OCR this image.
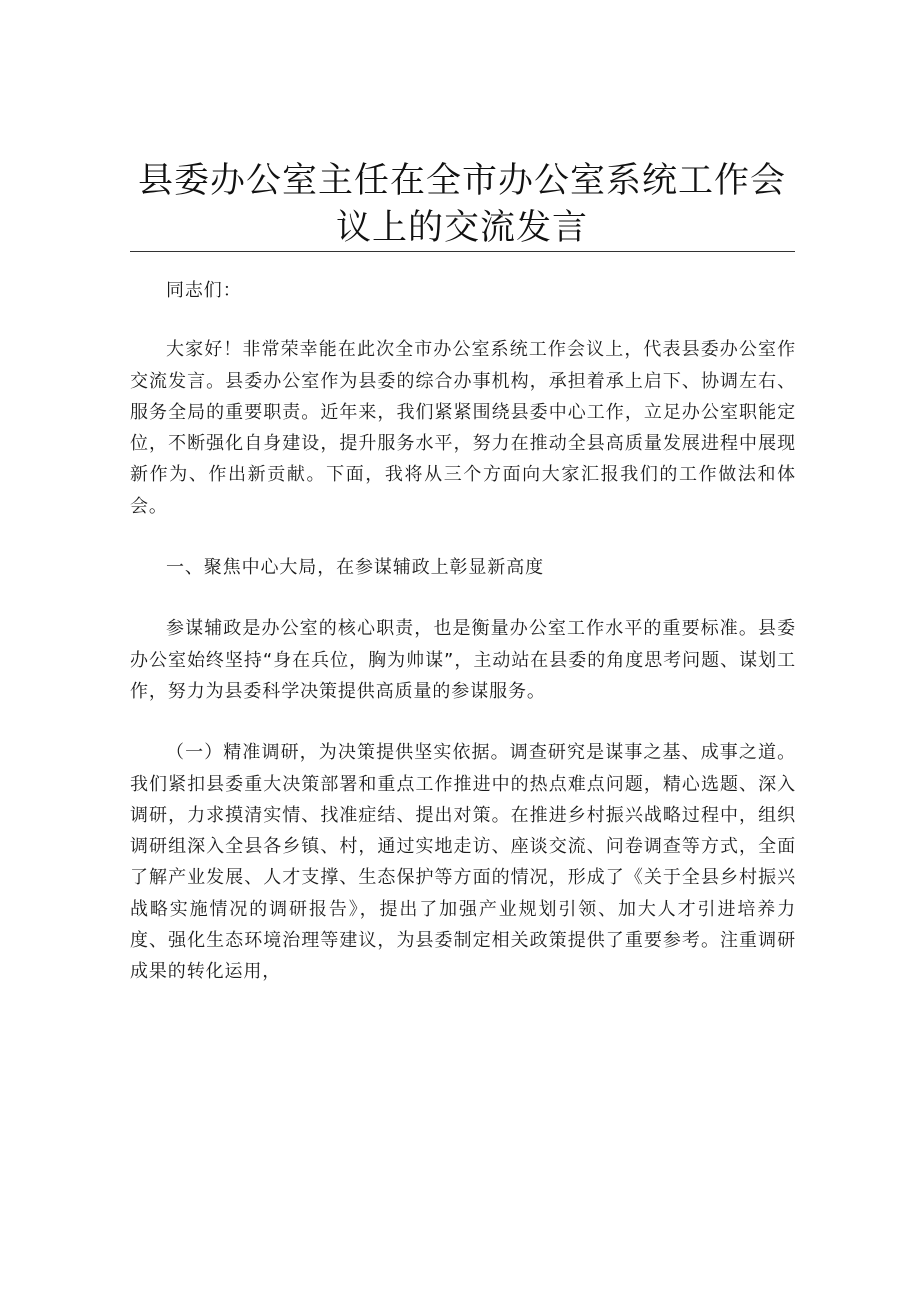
县委办公室主任在全市办公室系统工作会议上的交流发言

同志们：

大家好！非常荣幸能在此次全市办公室系统工作会议上，代表县委办公室作交流发言。县委办公室作为县委的综合办事机构，承担着承上启下、协调左右、服务全局的重要职责。近年来，我们紧紧围绕县委中心工作，立足办公室职能定位，不断强化自身建设，提升服务水平，努力在推动全县高质量发展进程中展现新作为、作出新贡献。下面，我将从三个方面向大家汇报我们的工作做法和体会。

一、聚焦中心大局，在参谋辅政上彰显新高度

参谋辅政是办公室的核心职责，也是衡量办公室工作水平的重要标准。县委办公室始终坚持“身在兵位，胸为帅谋”，主动站在县委的角度思考问题、谋划工作，努力为县委科学决策提供高质量的参谋服务。

（一）精准调研，为决策提供坚实依据。调查研究是谋事之基、成事之道。我们紧扣县委重大决策部署和重点工作推进中的热点难点问题，精心选题、深入调研，力求摸清实情、找准症结、提出对策。在推进乡村振兴战略过程中，组织调研组深入全县各乡镇、村，通过实地走访、座谈交流、问卷调查等方式，全面了解产业发展、人才支撑、生态保护等方面的情况，形成了《关于全县乡村振兴战略实施情况的调研报告》，提出了加强产业规划引领、加大人才引进培养力度、强化生态环境治理等建议，为县委制定相关政策提供了重要参考。注重调研成果的转化运用，
